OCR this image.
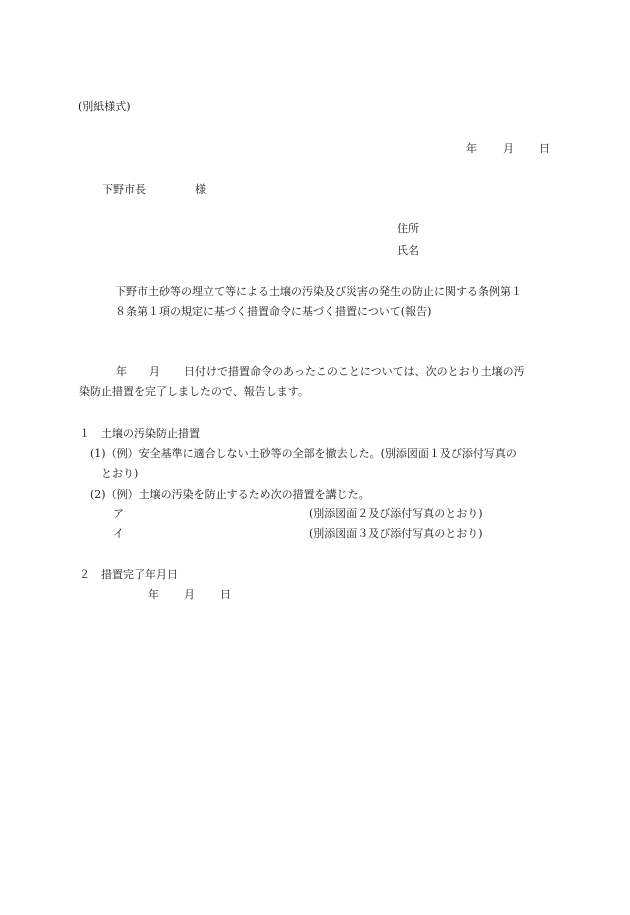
(別紙様式)
年 月 日
下野市長	様
住所
氏名
下野市土砂等の埋立て等による土壌の汚染及び災害の発生の防止に関する条例第１
８条第１項の規定に基づく措置命令に基づく措置について(報告)
年 月 日付けで措置命令のあったこのことについては、次のとおり土壌の汚
染防止措置を完了しましたので、報告します。
１　土壌の汚染防止措置
(1)（例）安全基準に適合しない土砂等の全部を撤去した。(別添図面１及び添付写真の
とおり)
(2)（例）土壌の汚染を防止するため次の措置を講じた。
ア	(別添図面２及び添付写真のとおり)
イ	(別添図面３及び添付写真のとおり)
２　措置完了年月日
年 月 日
